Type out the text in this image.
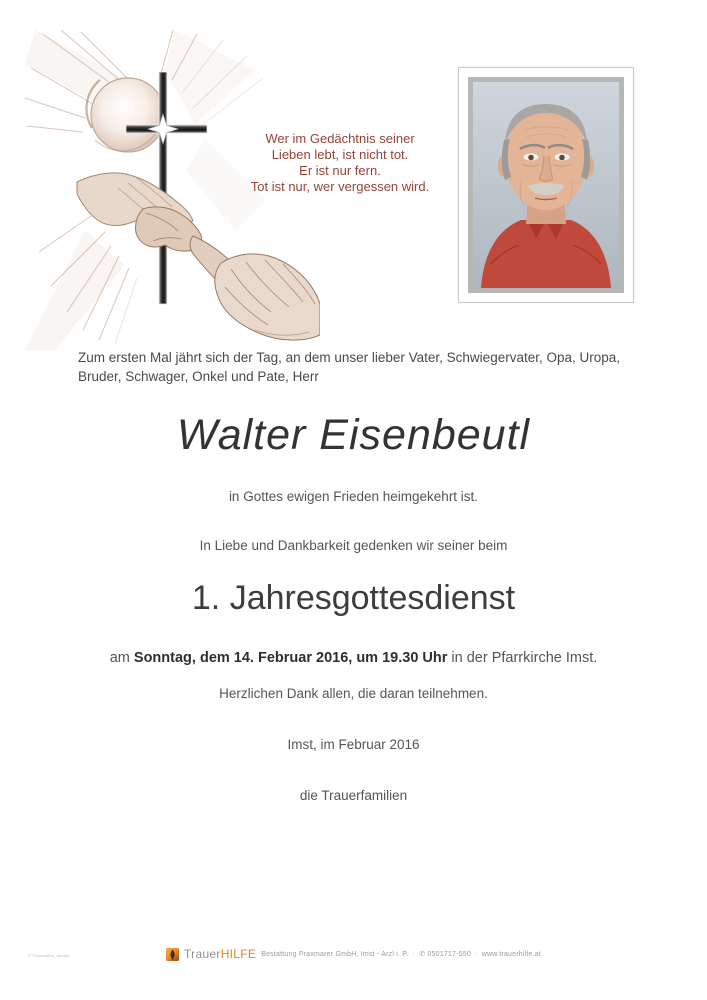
Wer im Gedächtnis seiner
Lieben lebt, ist nicht tot.
Er ist nur fern.
Tot ist nur, wer vergessen wird.
Zum ersten Mal jährt sich der Tag, an dem unser lieber Vater, Schwiegervater, Opa, Uropa,
Bruder, Schwager, Onkel und Pate, Herr
Walter Eisenbeutl
in Gottes ewigen Frieden heimgekehrt ist.
In Liebe und Dankbarkeit gedenken wir seiner beim
1. Jahresgottesdienst
am Sonntag, dem 14. Februar 2016, um 19.30 Uhr in der Pfarrkirche Imst.
Herzlichen Dank allen, die daran teilnehmen.
Imst, im Februar 2016
die Trauerfamilien
TrauerHILFE Bestattung Praxmarer GmbH, Imst - Arzl i. P. · ✆ 0501717-550 · www.trauerhilfe.at
© TrauerHilfe_design
